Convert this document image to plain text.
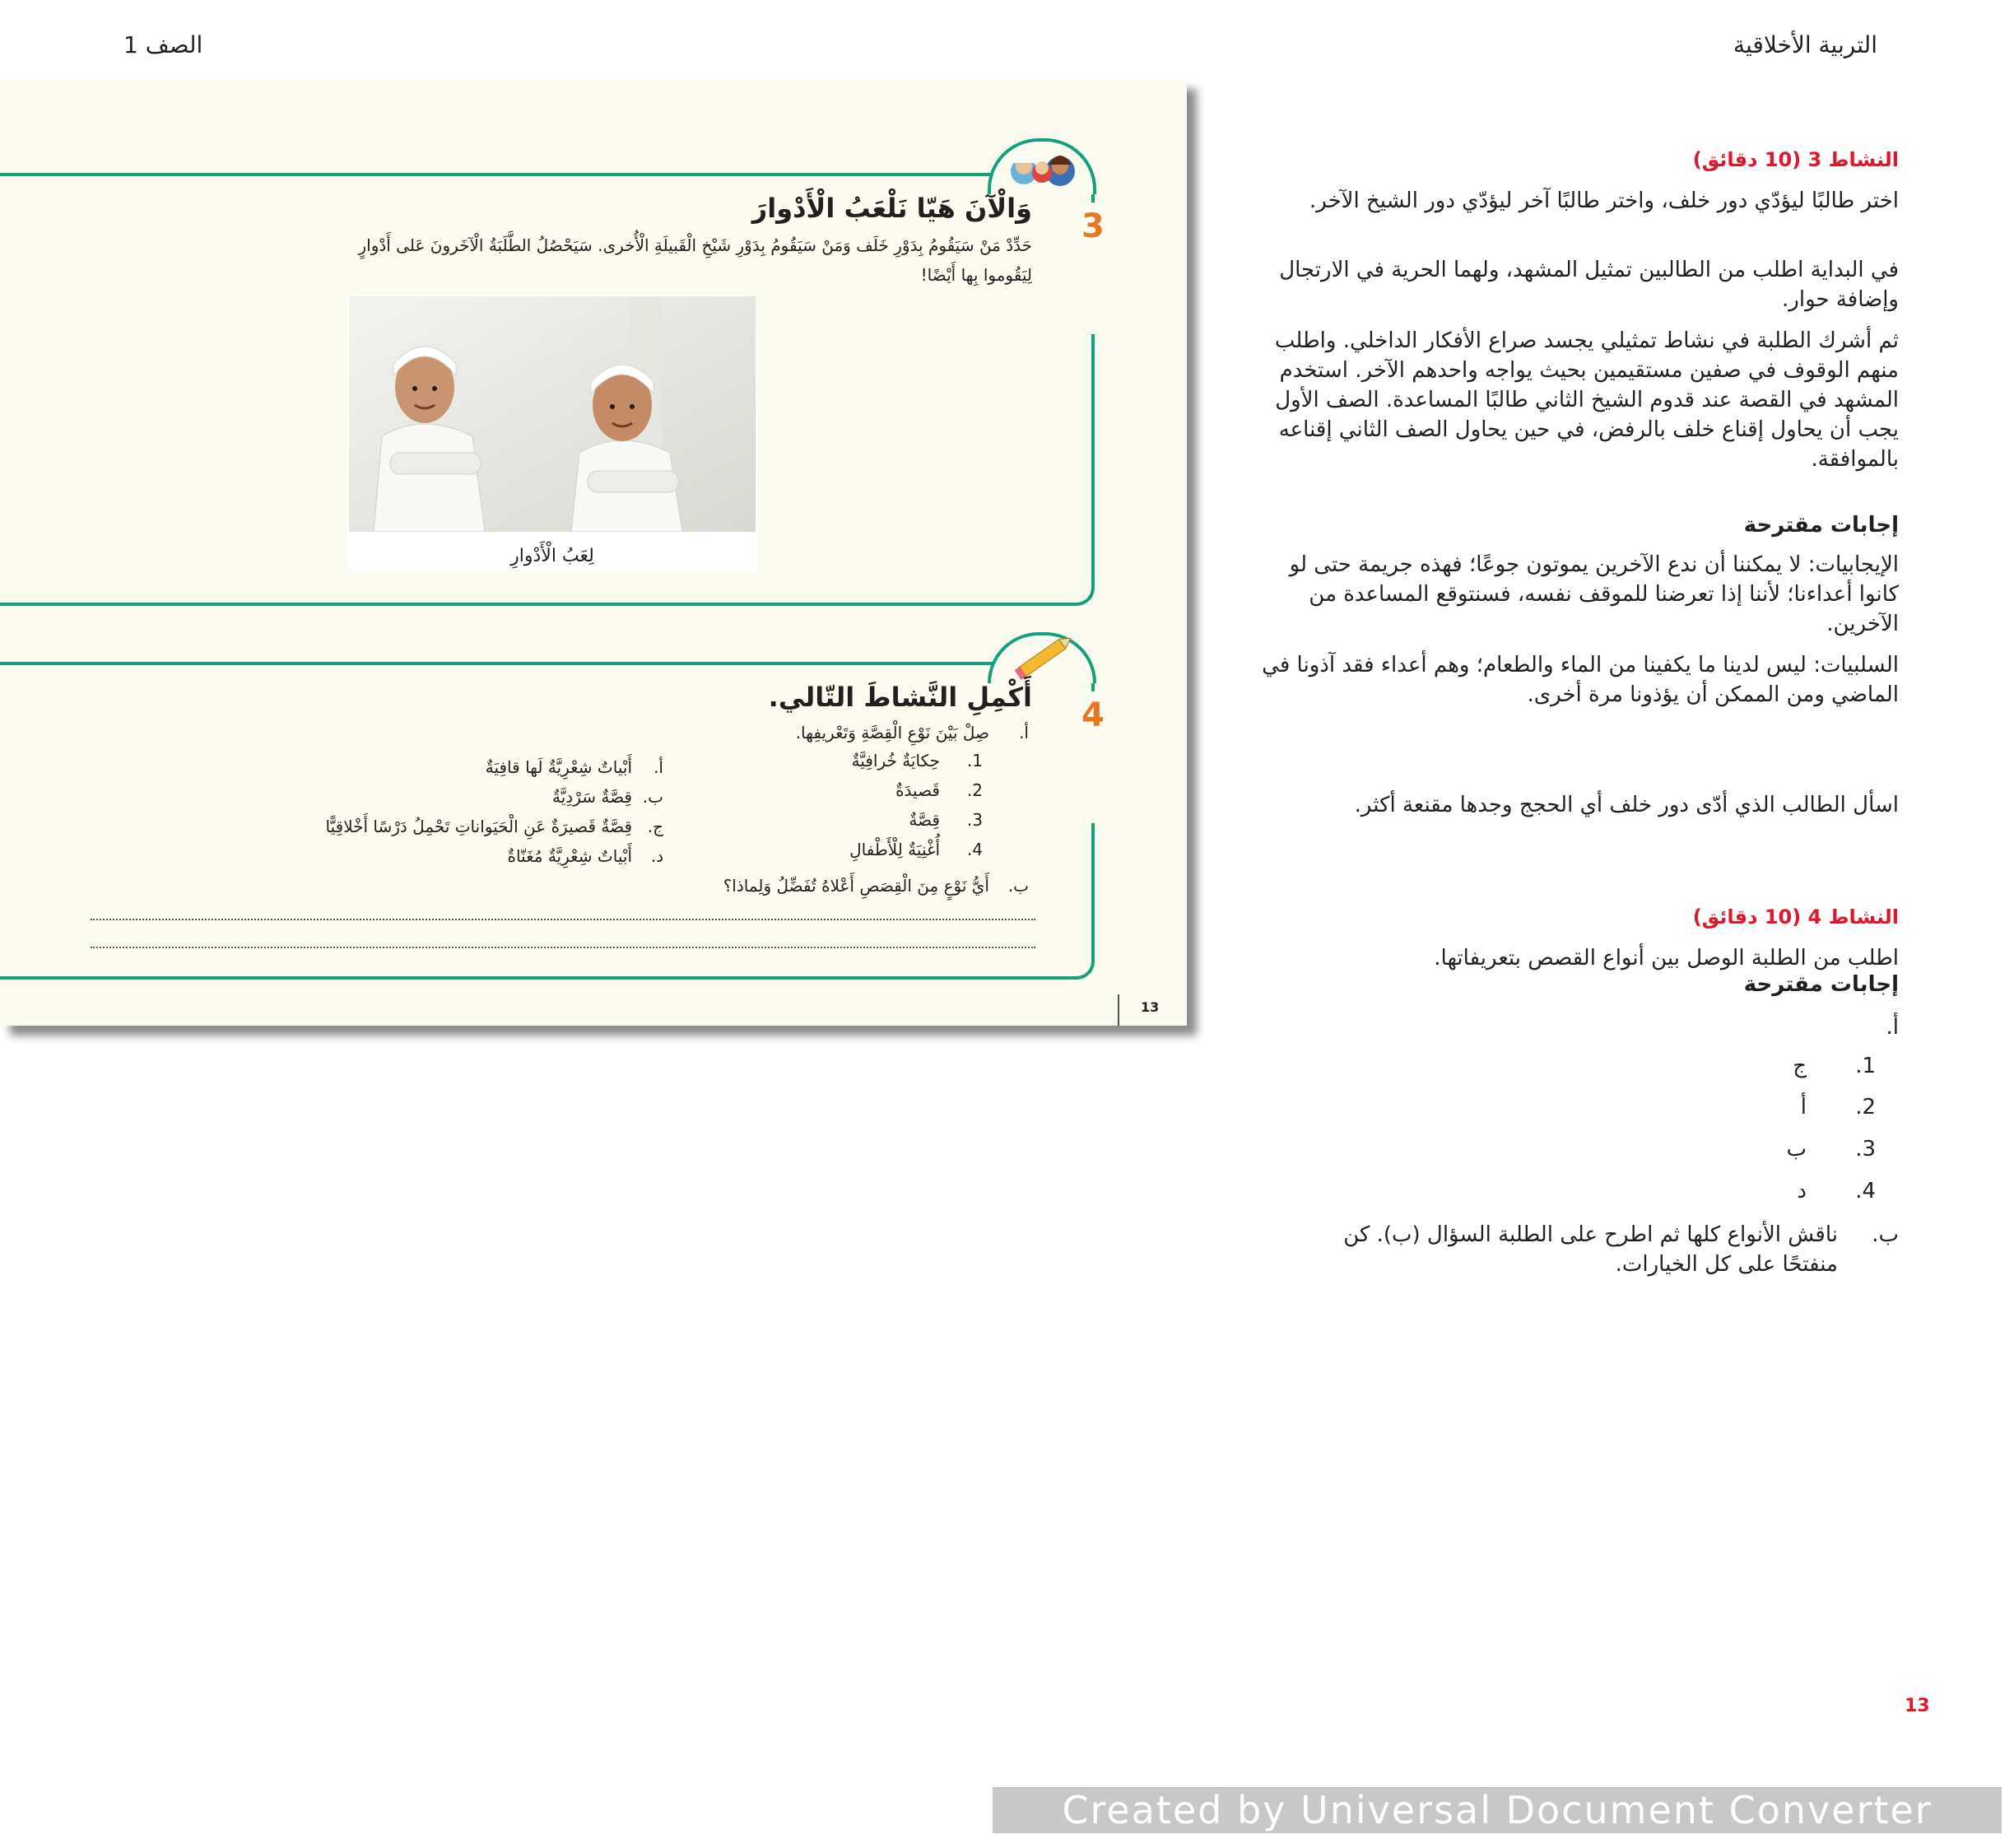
الصف 1	التربية الأخلاقية
3
وَالْآنَ هَيّا نَلْعَبُ الْأَدْوارَ
حَدِّدْ مَنْ سَيَقُومُ بِدَوْرِ خَلَف وَمَنْ سَيَقُومُ بِدَوْرِ شَيْخِ الْقَبيلَةِ الْأُخرى. سَيَحْصُلُ الطَّلَبَةُ الْآخَرونَ عَلى أَدْوارٍ
لِيَقُوموا بِها أَيْضًا!
لِعَبُ الْأَدْوارِ
4
أَكْمِلِ النَّشاطَ التّالي.
أ.
صِلْ بَيْنَ نَوْعِ الْقِصَّةِ وَتَعْريفِها.
1.
حِكايَةٌ خُرافِيَّةٌ
2.
قَصيدَةٌ
3.
قِصَّةٌ
4.
أُغْنِيَةٌ لِلْأَطْفالِ
أ.
أَبْياتٌ شِعْرِيَّةٌ لَها قافِيَةٌ
ب.
قِصَّةٌ سَرْدِيَّةٌ
ج.
قِصَّةٌ قَصيرَةٌ عَنِ الْحَيَواناتِ تَحْمِلُ دَرْسًا أَخْلاقِيًّا
د.
أَبْياتٌ شِعْرِيَّةٌ مُغَنّاةٌ
ب.
أَيُّ نَوْعٍ مِنَ الْقِصَصِ أَعْلاهُ تُفَضِّلُ وَلِماذا؟
13
النشاط 3 (10 دقائق)
اختر طالبًا ليؤدّي دور خلف، واختر طالبًا آخر ليؤدّي دور الشيخ الآخر.
في البداية اطلب من الطالبين تمثيل المشهد، ولهما الحرية في الارتجال وإضافة حوار.
ثم أشرك الطلبة في نشاط تمثيلي يجسد صراع الأفكار الداخلي. واطلب منهم الوقوف في صفين مستقيمين بحيث يواجه واحدهم الآخر. استخدم المشهد في القصة عند قدوم الشيخ الثاني طالبًا المساعدة. الصف الأول يجب أن يحاول إقناع خلف بالرفض، في حين يحاول الصف الثاني إقناعه بالموافقة.
إجابات مقترحة
الإيجابيات: لا يمكننا أن ندع الآخرين يموتون جوعًا؛ فهذه جريمة حتى لو كانوا أعداءنا؛ لأننا إذا تعرضنا للموقف نفسه، فسنتوقع المساعدة من الآخرين.
السلبيات: ليس لدينا ما يكفينا من الماء والطعام؛ وهم أعداء فقد آذونا في الماضي ومن الممكن أن يؤذونا مرة أخرى.
اسأل الطالب الذي أدّى دور خلف أي الحجج وجدها مقنعة أكثر.
النشاط 4 (10 دقائق)
اطلب من الطلبة الوصل بين أنواع القصص بتعريفاتها.
إجابات مقترحة
أ.
1.
ج
2.
أ
3.
ب
4.
د
ب.
ناقش الأنواع كلها ثم اطرح على الطلبة السؤال (ب). كن منفتحًا على كل الخيارات.
13
Created by Universal Document Converter
